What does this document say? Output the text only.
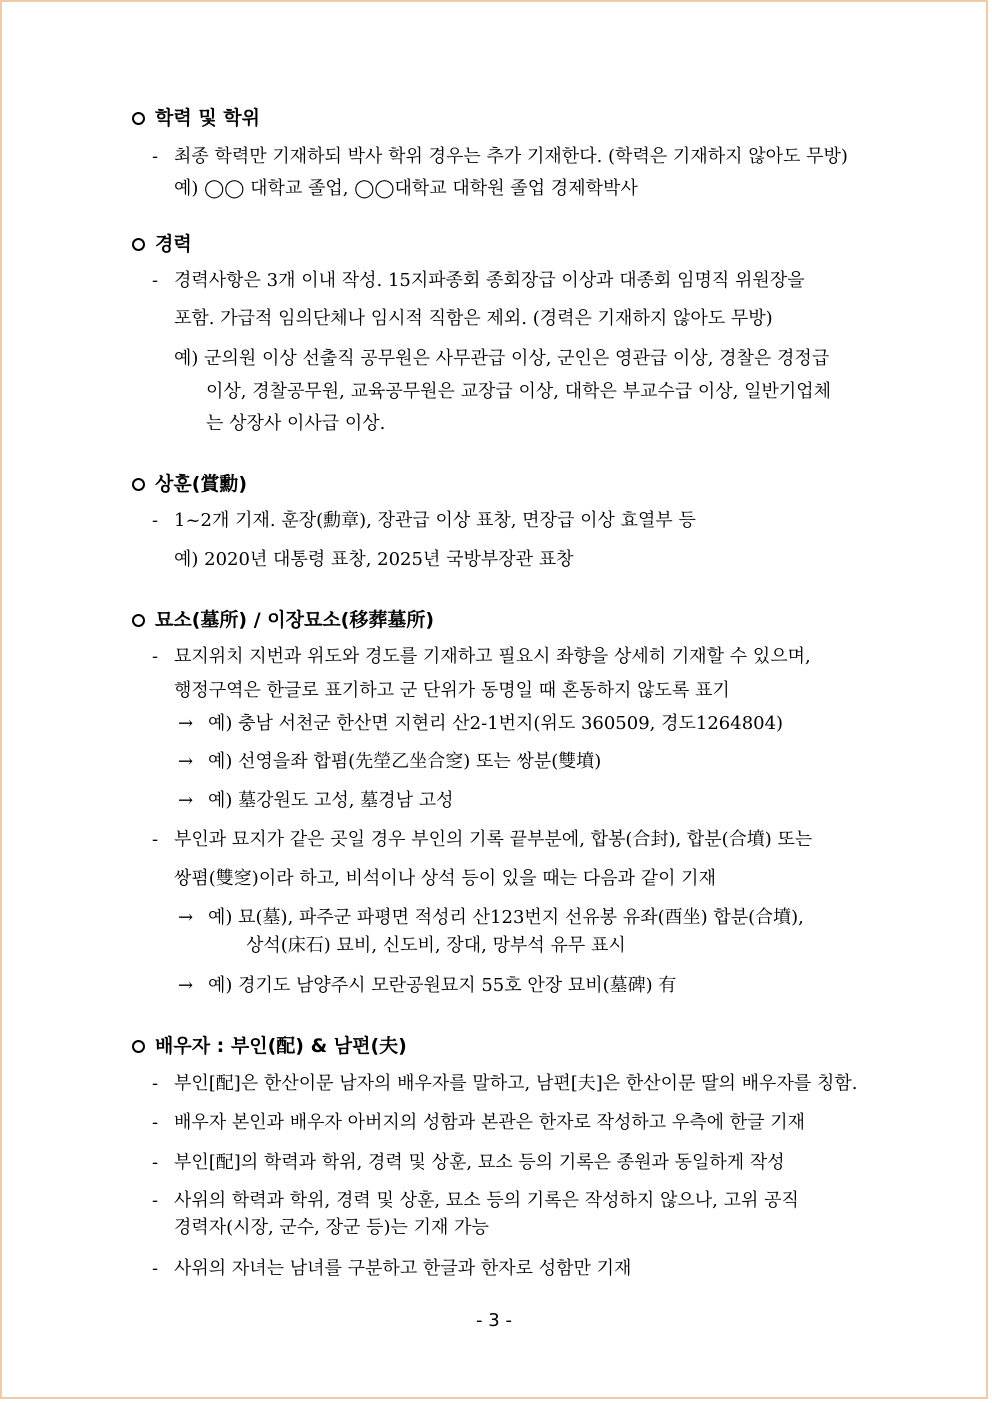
학력 및 학위
- 최종 학력만 기재하되 박사 학위 경우는 추가 기재한다. (학력은 기재하지 않아도 무방)
예) ◯◯ 대학교 졸업, ◯◯대학교 대학원 졸업 경제학박사
경력
- 경력사항은 3개 이내 작성. 15지파종회 종회장급 이상과 대종회 임명직 위원장을
포함. 가급적 임의단체나 임시적 직함은 제외. (경력은 기재하지 않아도 무방)
예) 군의원 이상 선출직 공무원은 사무관급 이상, 군인은 영관급 이상, 경찰은 경정급
이상, 경찰공무원, 교육공무원은 교장급 이상, 대학은 부교수급 이상, 일반기업체
는 상장사 이사급 이상.
상훈(賞勳)
- 1~2개 기재. 훈장(勳章), 장관급 이상 표창, 면장급 이상 효열부 등
예) 2020년 대통령 표창, 2025년 국방부장관 표창
묘소(墓所) / 이장묘소(移葬墓所)
- 묘지위치 지번과 위도와 경도를 기재하고 필요시 좌향을 상세히 기재할 수 있으며,
행정구역은 한글로 표기하고 군 단위가 동명일 때 혼동하지 않도록 표기
→ 예) 충남 서천군 한산면 지현리 산2-1번지(위도 360509, 경도1264804)
→ 예) 선영을좌 합폄(先塋乙坐合窆) 또는 쌍분(雙墳)
→ 예) 墓강원도 고성, 墓경남 고성
- 부인과 묘지가 같은 곳일 경우 부인의 기록 끝부분에, 합봉(合封), 합분(合墳) 또는
쌍폄(雙窆)이라 하고, 비석이나 상석 등이 있을 때는 다음과 같이 기재
→ 예) 묘(墓), 파주군 파평면 적성리 산123번지 선유봉 유좌(酉坐) 합분(合墳),
상석(床石) 묘비, 신도비, 장대, 망부석 유무 표시
→ 예) 경기도 남양주시 모란공원묘지 55호 안장 묘비(墓碑) 有
배우자 : 부인(配) & 남편(夫)
- 부인[配]은 한산이문 남자의 배우자를 말하고, 남편[夫]은 한산이문 딸의 배우자를 칭함.
- 배우자 본인과 배우자 아버지의 성함과 본관은 한자로 작성하고 우측에 한글 기재
- 부인[配]의 학력과 학위, 경력 및 상훈, 묘소 등의 기록은 종원과 동일하게 작성
- 사위의 학력과 학위, 경력 및 상훈, 묘소 등의 기록은 작성하지 않으나, 고위 공직
경력자(시장, 군수, 장군 등)는 기재 가능
- 사위의 자녀는 남녀를 구분하고 한글과 한자로 성함만 기재
- 3 -
